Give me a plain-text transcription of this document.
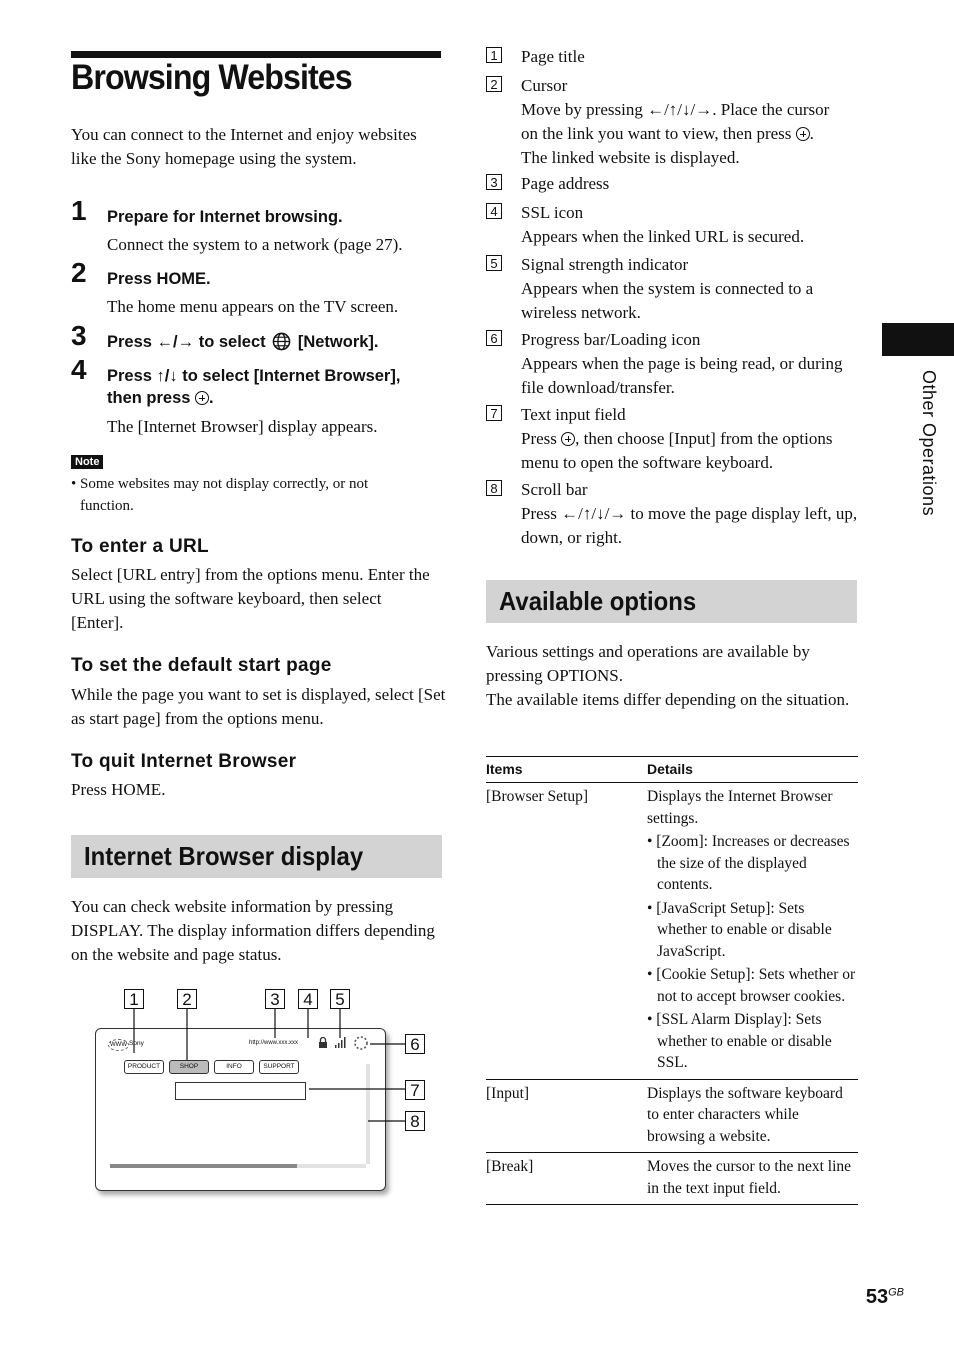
Browsing Websites
You can connect to the Internet and enjoy websites like the Sony homepage using the system.
1 Prepare for Internet browsing.
Connect the system to a network (page 27).
2 Press HOME.
The home menu appears on the TV screen.
3 Press ←/→ to select [Network].
4 Press ↑/↓ to select [Internet Browser],
then press .
The [Internet Browser] display appears.
Note
• Some websites may not display correctly, or not
function.
To enter a URL
Select [URL entry] from the options menu. Enter the URL using the software keyboard, then select [Enter].
To set the default start page
While the page you want to set is displayed, select [Set as start page] from the options menu.
To quit Internet Browser
Press HOME.
Internet Browser display
You can check website information by pressing DISPLAY. The display information differs depending on the website and page status.
1	2	3	4	5
6
7
8
WWW Sony	http://www.xxx.xxx
PRODUCT	SHOP	INFO	SUPPORT
1 Page title
2 Cursor
Move by pressing ←/↑/↓/→. Place the cursor
on the link you want to view, then press .
The linked website is displayed.
3 Page address
4 SSL icon
Appears when the linked URL is secured.
5 Signal strength indicator
Appears when the system is connected to a wireless network.
6 Progress bar/Loading icon
Appears when the page is being read, or during file download/transfer.
7 Text input field
Press , then choose [Input] from the options menu to open the software keyboard.
8 Scroll bar
Press ←/↑/↓/→ to move the page display left, up, down, or right.
Available options
Various settings and operations are available by pressing OPTIONS.
The available items differ depending on the situation.
Items	Details
[Browser Setup]	Displays the Internet Browser settings.
• [Zoom]: Increases or decreases the size of the displayed contents.
• [JavaScript Setup]: Sets whether to enable or disable JavaScript.
• [Cookie Setup]: Sets whether or not to accept browser cookies.
• [SSL Alarm Display]: Sets whether to enable or disable SSL.

[Input]	Displays the software keyboard to enter characters while browsing a website.
[Break]	Moves the cursor to the next line in the text input field.
Other Operations
$53^{GB}$
